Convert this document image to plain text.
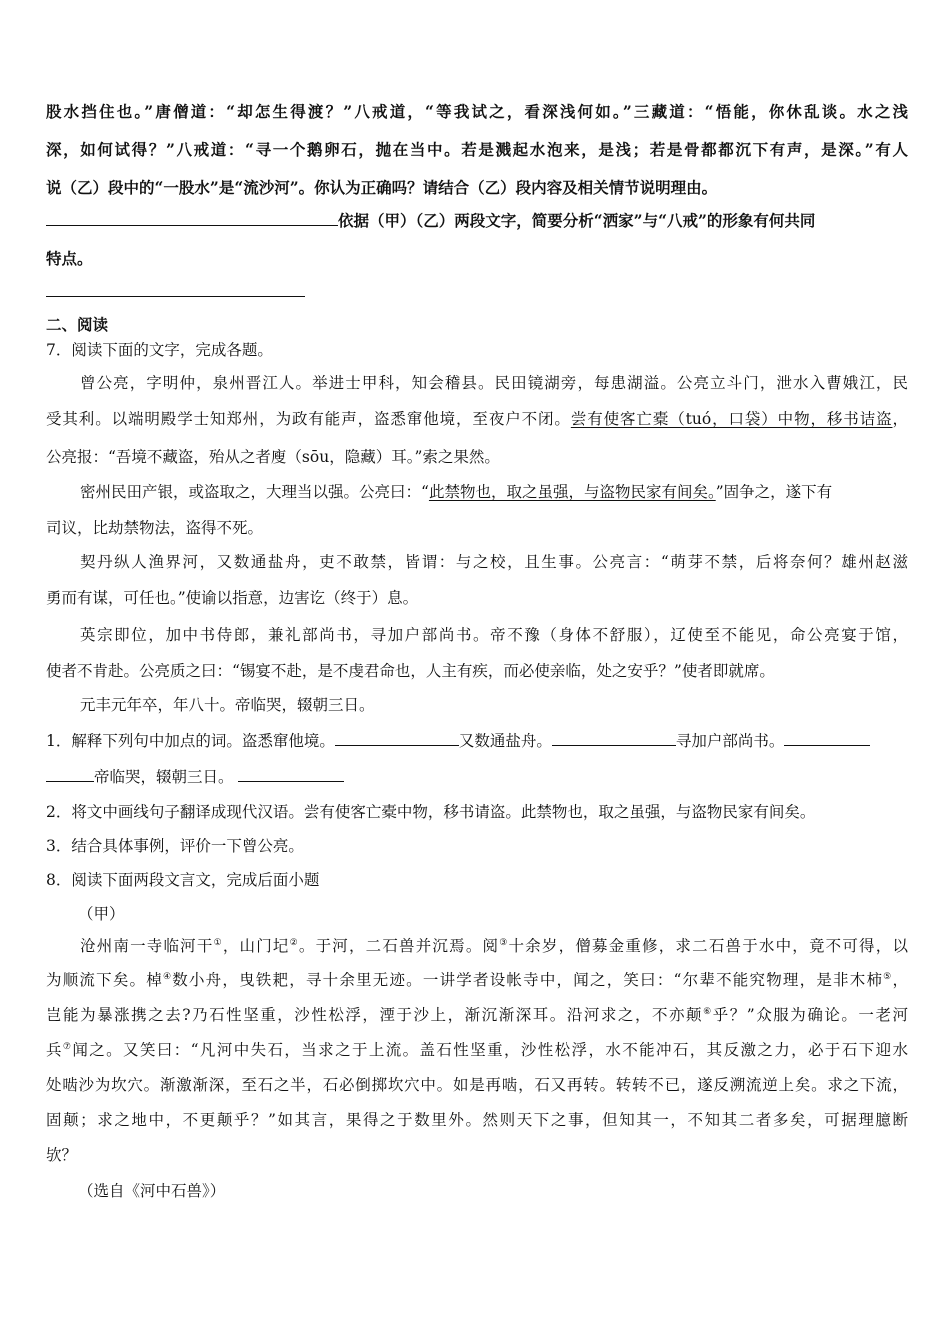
股水挡住也。”唐僧道：“却怎生得渡？”八戒道，“等我试之，看深浅何如。”三藏道：“悟能，你休乱谈。水之浅
深，如何试得？”八戒道：“寻一个鹅卵石，抛在当中。若是溅起水泡来，是浅；若是骨都都沉下有声，是深。”有人
说（乙）段中的“一股水”是“流沙河”。你认为正确吗？请结合（乙）段内容及相关情节说明理由。
依据（甲）（乙）两段文字，简要分析“洒家”与“八戒”的形象有何共同
特点。
二、阅读
7．阅读下面的文字，完成各题。
曾公亮，字明仲，泉州晋江人。举进士甲科，知会稽县。民田镜湖旁，每患湖溢。公亮立斗门，泄水入曹娥江，民
受其利。以端明殿学士知郑州，为政有能声，盗悉窜他境，至夜户不闭。尝有使客亡橐（tuó，口袋）中物，移书诘盗，
公亮报：“吾境不藏盗，殆从之者廋（sōu，隐藏）耳。”索之果然。
密州民田产银，或盗取之，大理当以强。公亮曰：“此禁物也，取之虽强，与盗物民家有间矣。”固争之，遂下有
司议，比劫禁物法，盗得不死。
契丹纵人渔界河，又数通盐舟，吏不敢禁，皆谓：与之校，且生事。公亮言：“萌芽不禁，后将奈何？雄州赵滋
勇而有谋，可任也。”使谕以指意，边害讫（终于）息。
英宗即位，加中书侍郎，兼礼部尚书，寻加户部尚书。帝不豫（身体不舒服），辽使至不能见，命公亮宴于馆，
使者不肯赴。公亮质之曰：“锡宴不赴，是不虔君命也，人主有疾，而必使亲临，处之安乎？”使者即就席。
元丰元年卒，年八十。帝临哭，辍朝三日。
1．解释下列句中加点的词。盗悉窜他境。	又数通盐舟。	寻加户部尚书。
帝临哭，辍朝三日。
2．将文中画线句子翻译成现代汉语。尝有使客亡橐中物，移书请盗。此禁物也，取之虽强，与盗物民家有间矣。
3．结合具体事例，评价一下曾公亮。
8．阅读下面两段文言文，完成后面小题
（甲）
沧州南一寺临河干①，山门圮②。于河，二石兽并沉焉。阅③十余岁，僧募金重修，求二石兽于水中，竟不可得，以
为顺流下矣。棹④数小舟，曳铁耙，寻十余里无迹。一讲学者设帐寺中，闻之，笑曰：“尔辈不能究物理，是非木柿⑤，
岂能为暴涨携之去?乃石性坚重，沙性松浮，湮于沙上，渐沉渐深耳。沿河求之，不亦颠⑥乎？”众服为确论。一老河
兵⑦闻之。又笑曰：“凡河中失石，当求之于上流。盖石性坚重，沙性松浮，水不能冲石，其反激之力，必于石下迎水
处啮沙为坎穴。渐激渐深，至石之半，石必倒掷坎穴中。如是再啮，石又再转。转转不已，遂反溯流逆上矣。求之下流，
固颠；求之地中，不更颠乎？”如其言，果得之于数里外。然则天下之事，但知其一，不知其二者多矣，可据理臆断
欤？
（选自《河中石兽》）
